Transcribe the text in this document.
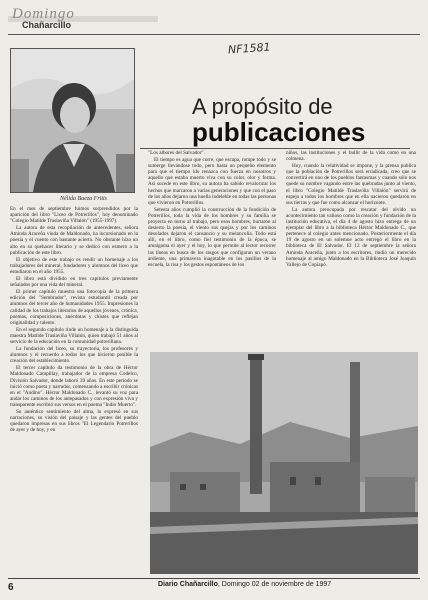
Domingo
Chañarcillo
Nélida Baeza Fritis
NF1581
A propósito de
publicaciones

En el mes de septiembre fuimos sorprendidos por la aparición del libro "Liceo de Potrerillos", hoy denominado "Colegio Matilde Traslaviña Villalón" (1955-1997).

La autora de esta recopilación de antecedentes, señora Aminda Araceña viuda de Maldonado, ha incursionado en la poesía y el cuento con bastante acierto. No obstante hizo un alto en su quehacer literario y se dedicó con esmero a la publicación de este libro.

El objetivo de este trabajo es rendir un homenaje a los trabajadores del mineral, fundadores y alumnos del liceo que estudiaron en el año 1955.

El libro está dividido en tres capítulos previamente señalados por una vida del mineral.

El primer capítulo muestra una fotocopia de la primera edición del "Sembrador", revista estudiantil creada por alumnos del tercer año de humanidades 1955. Impresiones la calidad de los trabajos literarios de aquellos jóvenes, crónica, poemas, composiciones, anécdotas y chistes que reflejan originalidad y talento.

En el segundo capítulo rinde un homenaje a la distinguida maestra Matilde Traslaviña Villalón, quien trabajó 51 años al servicio de la educación en la comunidad potrerillana.

La fundación del liceo, su trayectoria, los profesores y alumnos y el recuerdo a todos los que hicieron posible la creación del establecimiento.

El tercer capítulo da testimonio de la obra de Héctor Maldonado Campillay, trabajador de la empresa Codelco, División Salvador, donde laboró 39 años. En este período se inició como poeta y narrador, comenzando a escribir crónicas en el "Andino". Héctor Maldonado C., levantó su voz para andar los caminos de los antepasados y con expresión viva y transparente escribió sus versos en el poema "Indio Muerto".

Su auténtico sentimiento del alma, lo expresó en sus narraciones, su visión del paisaje y las gentes del pueblo quedaron impresas en sus libros "El Legendario Potrerillos de ayer y de hoy, y en

"Los albores del Salvador".

El tiempo es agua que corre, que escapa, rompe todo y se sumerge llevándose todo, pero hasta un pequeño elemento para que el tiempo ido renazca con fuerza en nosotros y aquello que estaba muerto viva con su color, olor y forma. Así sucede en este libro, su autora ha sabido revalorizar los hechos que marcaron a varias generaciones y que con el paso de los años dejaron una huella indeleble en todas las personas que vivieron en Potrerillos.

Setenta años cumplió la construcción de la fundición de Potrerillos, toda la vida de los hombres y su familia se proyecta en torno al trabajo, pero esos hombres, hurtaron al desierto la poesía, el viento sus quejas y por los caminos desolados dejaron el cansancio y su melancolía. Todo está allí, en el libro, como fiel testimonio de la época, se amalgama el ayer y el hoy, lo que permite al lector recorrer las líneas en busca de los rasgos que configuran un verano ardiente, una primavera inagotable en los pasillos de la escuela, la risa y los gestos espontáneos de los

niños, las instituciones y el bullir de la vida como en una colmena.

Hoy, cuando la relatividad se impone, y la prensa publica que la población de Potrerillos será erradicada, creo que se convertirá en uno de los pueblos fantasmas y cuando sólo nos quede su nombre vagando entre las quebradas junto al viento, el libro "Colegio Matilde Traslaviña Villalón" servirá de espejo a todos los hombres que en ella nacieron quedaron en sus tierras y que fue como alcanzar el horizonte.

La autora preocupada por rescatar del olvido un acontecimiento tan valioso como la creación y fundación de la institución educativa, el día 4 de agosto hizo entrega de un ejemplar del libro a la biblioteca Héctor Maldonado C., que pertenece al colegio antes mencionado. Posteriormente el día 19 de agosto en un solemne acto entregó el libro en la biblioteca de El Salvador. El 12 de septiembre la señora Aminda Araceña, junto a los escritores, rindió un merecido homenaje al amigo Maldonado en la Biblioteca José Joaquín Vallejo de Copiapó.

6	Diario Chañarcillo, Domingo 02 de noviembre de 1997
